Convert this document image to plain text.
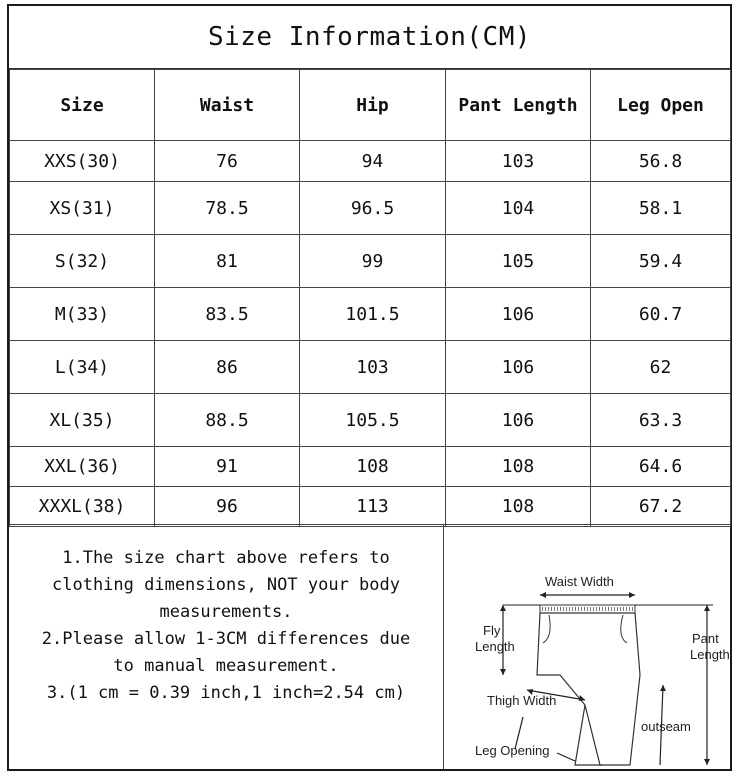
Size Information(CM)
Size	Waist	Hip	Pant Length	Leg Open
XXS(30)	76	94	103	56.8
XS(31)	78.5	96.5	104	58.1
S(32)	81	99	105	59.4
M(33)	83.5	101.5	106	60.7
L(34)	86	103	106	62
XL(35)	88.5	105.5	106	63.3
XXL(36)	91	108	108	64.6
XXXL(38)	96	113	108	67.2
1.The size chart above refers to
clothing dimensions, NOT your body
measurements.
2.Please allow 1-3CM differences due
to manual measurement.
3.(1 cm = 0.39 inch,1 inch=2.54 cm)
Waist Width
Fly
Length
Pant
Length
Thigh Width
outseam
Leg Opening
